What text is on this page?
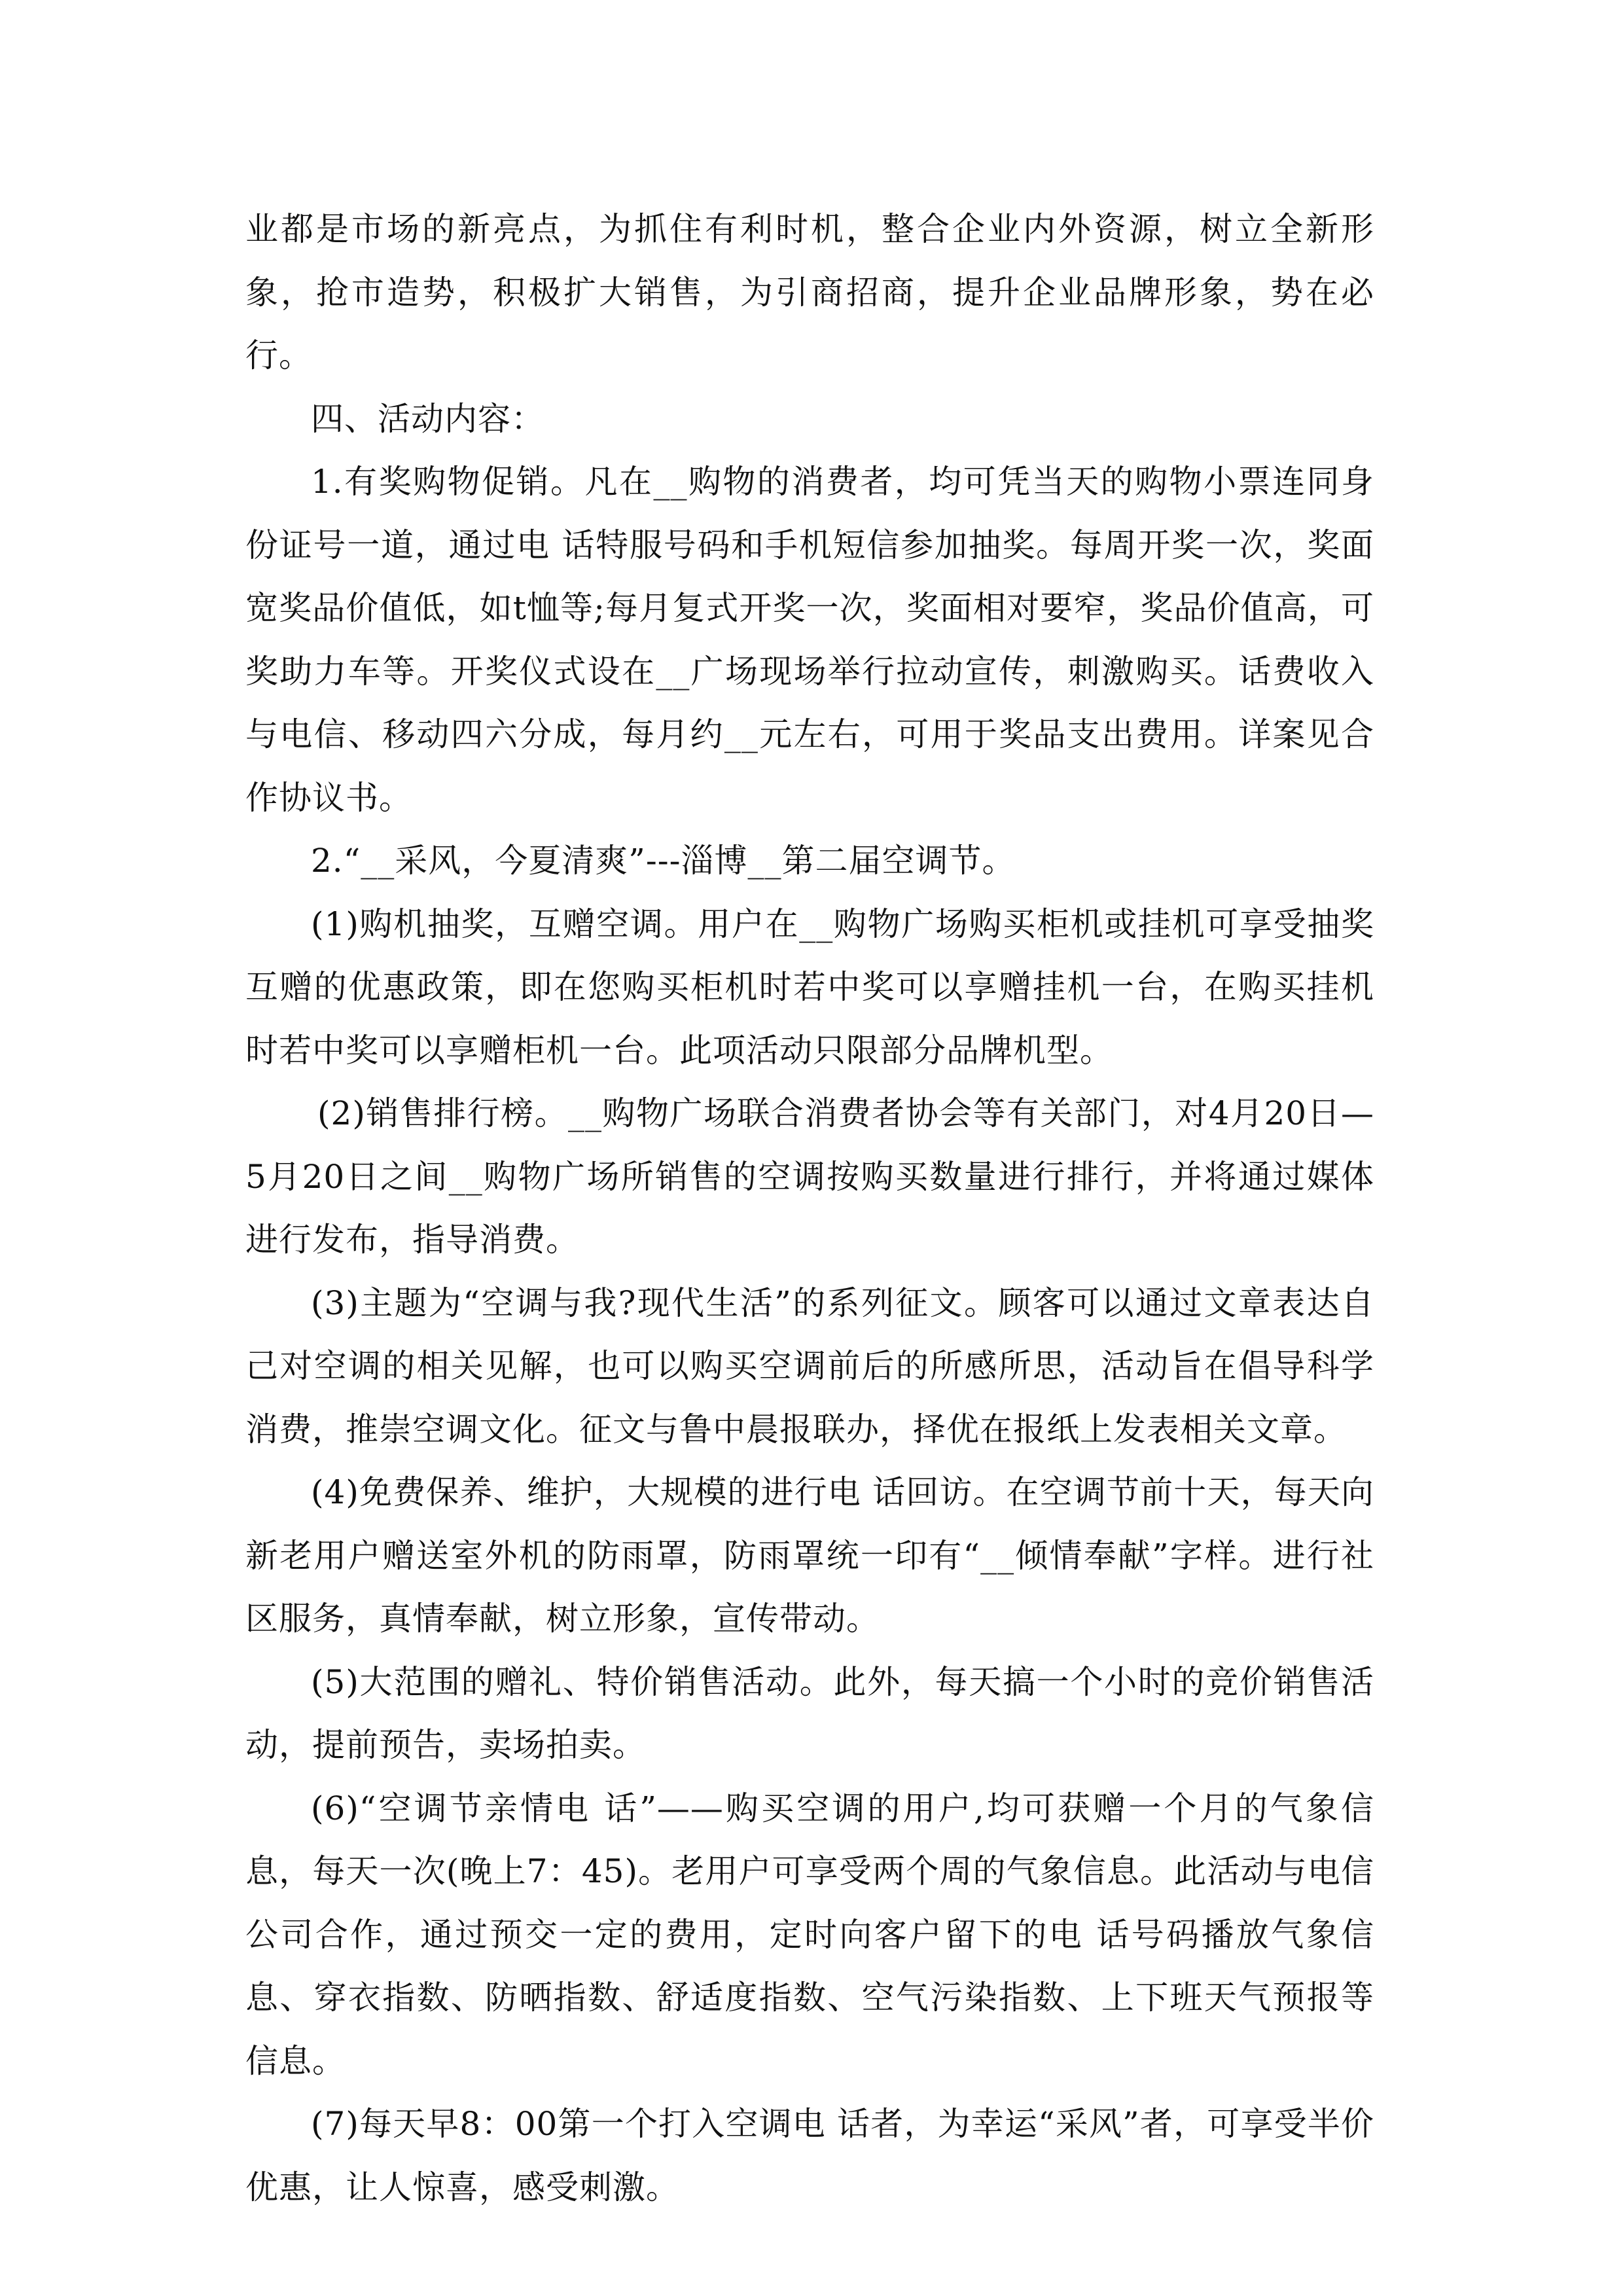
业都是市场的新亮点，为抓住有利时机，整合企业内外资源，树立全新形象，抢市造势，积极扩大销售，为引商招商，提升企业品牌形象，势在必行。

四、活动内容：

1.有奖购物促销。凡在__购物的消费者，均可凭当天的购物小票连同身份证号一道，通过电 话特服号码和手机短信参加抽奖。每周开奖一次，奖面宽奖品价值低，如t恤等;每月复式开奖一次，奖面相对要窄，奖品价值高，可奖助力车等。开奖仪式设在__广场现场举行拉动宣传，刺激购买。话费收入与电信、移动四六分成，每月约__元左右，可用于奖品支出费用。详案见合作协议书。

2.“__采风，今夏清爽”---淄博__第二届空调节。

(1)购机抽奖，互赠空调。用户在__购物广场购买柜机或挂机可享受抽奖互赠的优惠政策，即在您购买柜机时若中奖可以享赠挂机一台，在购买挂机时若中奖可以享赠柜机一台。此项活动只限部分品牌机型。

(2)销售排行榜。__购物广场联合消费者协会等有关部门，对4月20日—5月20日之间__购物广场所销售的空调按购买数量进行排行，并将通过媒体进行发布，指导消费。

(3)主题为“空调与我?现代生活”的系列征文。顾客可以通过文章表达自己对空调的相关见解，也可以购买空调前后的所感所思，活动旨在倡导科学消费，推崇空调文化。征文与鲁中晨报联办，择优在报纸上发表相关文章。

(4)免费保养、维护，大规模的进行电 话回访。在空调节前十天，每天向新老用户赠送室外机的防雨罩，防雨罩统一印有“__倾情奉献”字样。进行社区服务，真情奉献，树立形象，宣传带动。

(5)大范围的赠礼、特价销售活动。此外，每天搞一个小时的竞价销售活动，提前预告，卖场拍卖。

(6)“空调节亲情电 话”——购买空调的用户,均可获赠一个月的气象信息，每天一次(晚上7：45)。老用户可享受两个周的气象信息。此活动与电信公司合作，通过预交一定的费用，定时向客户留下的电 话号码播放气象信息、穿衣指数、防晒指数、舒适度指数、空气污染指数、上下班天气预报等信息。

(7)每天早8：00第一个打入空调电 话者，为幸运“采风”者，可享受半价优惠，让人惊喜，感受刺激。
